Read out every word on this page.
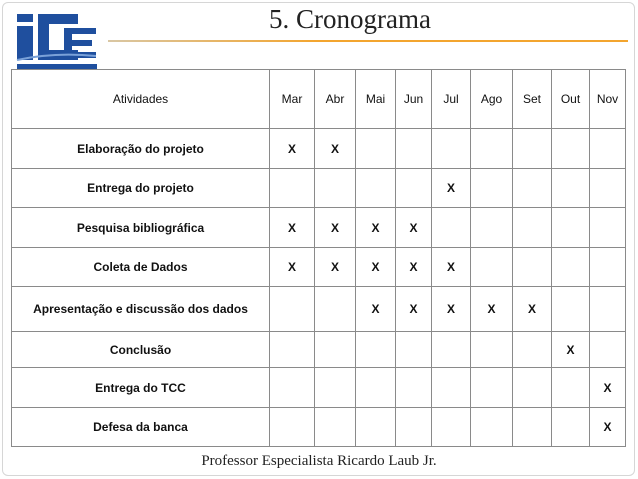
5. Cronograma
Atividades	Mar	Abr	Mai	Jun	Jul	Ago	Set	Out	Nov
Elaboração do projeto	X	X							
Entrega do projeto					X				
Pesquisa bibliográfica	X	X	X	X					
Coleta de Dados	X	X	X	X	X				
Apresentação e discussão dos dados			X	X	X	X	X		
Conclusão								X	
Entrega do TCC									X
Defesa da banca									X
Professor Especialista Ricardo Laub Jr.
